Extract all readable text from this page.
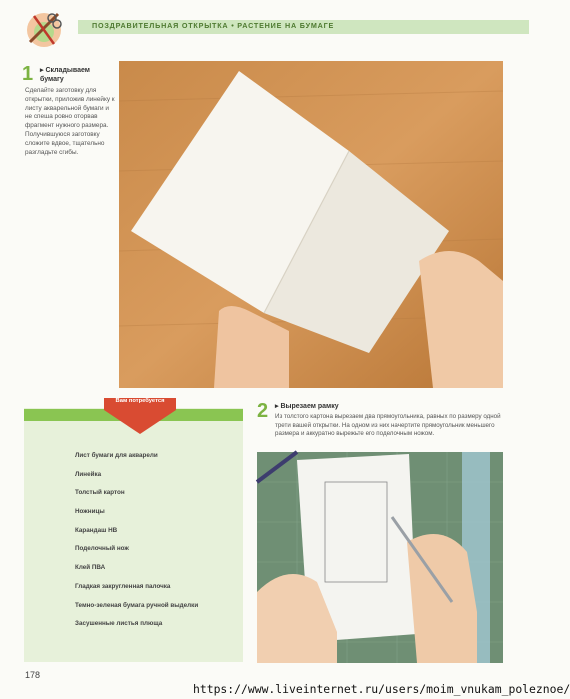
ПОЗДРАВИТЕЛЬНАЯ ОТКРЫТКА • РАСТЕНИЕ НА БУМАГЕ
1 ▸ Складываем бумагу
Сделайте заготовку для открытки, приложив линейку к листу акварельной бумаги и не спеша ровно оторвав фрагмент нужного размера. Получившуюся заготовку сложите вдвое, тщательно разгладьте сгибы.
Вам потребуется
Лист бумаги для акварели
Линейка
Толстый картон
Ножницы
Карандаш HB
Поделочный нож
Клей ПВА
Гладкая закругленная палочка
Темно-зеленая бумага ручной выделки
Засушенные листья плюща
2 ▸ Вырезаем рамку
Из толстого картона вырезаем два прямоугольника, равных по размеру одной трети вашей открытки. На одном из них начертите прямоугольник меньшего размера и аккуратно вырежьте его поделочным ножом.
178
https://www.liveinternet.ru/users/moim_vnukam_poleznoe/
